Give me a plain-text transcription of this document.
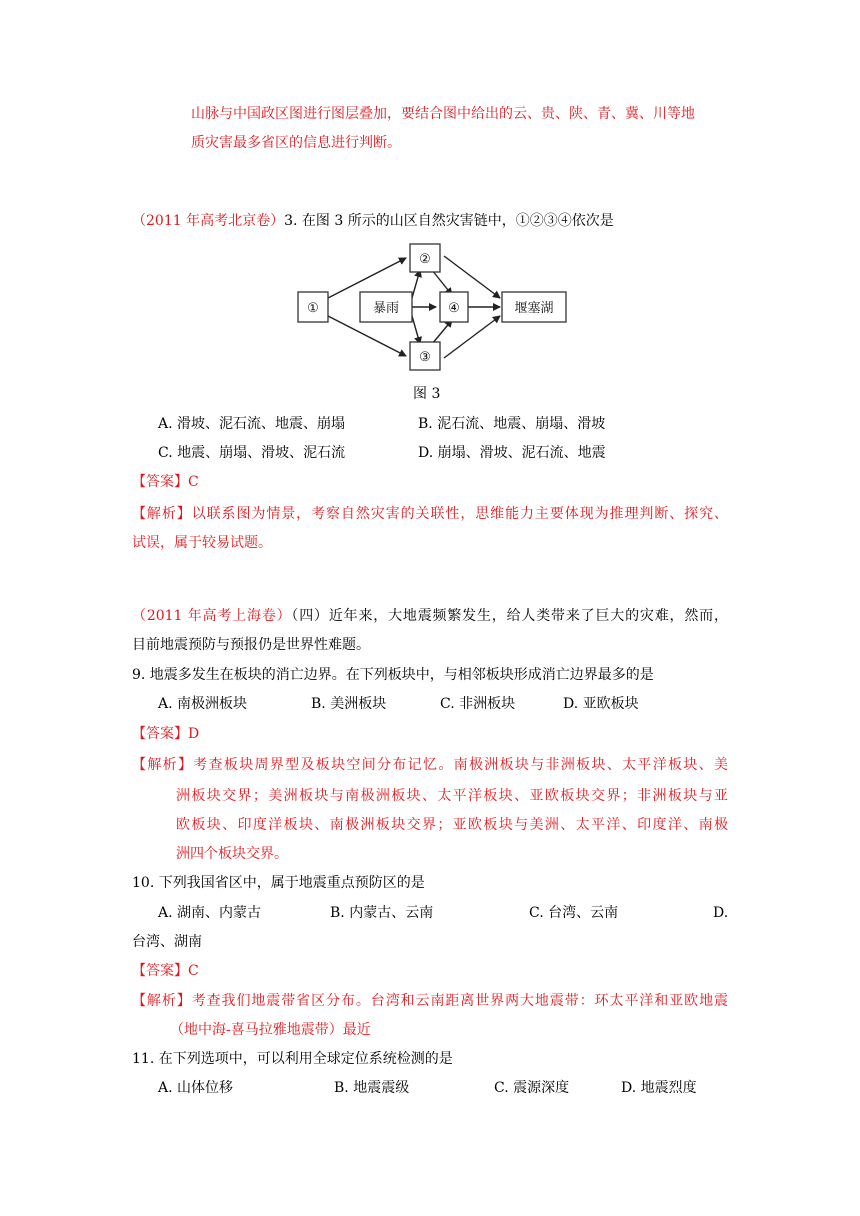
山脉与中国政区图进行图层叠加，要结合图中给出的云、贵、陕、青、冀、川等地
质灾害最多省区的信息进行判断。
（2011 年高考北京卷）3. 在图 3 所示的山区自然灾害链中，①②③④依次是
①	暴雨
②
④
③
堰塞湖
图 3
A. 滑坡、泥石流、地震、崩塌	B. 泥石流、地震、崩塌、滑坡
C. 地震、崩塌、滑坡、泥石流	D. 崩塌、滑坡、泥石流、地震
【答案】C
【解析】以联系图为情景，考察自然灾害的关联性，思维能力主要体现为推理判断、探究、
试误，属于较易试题。
（2011 年高考上海卷）（四）近年来，大地震频繁发生，给人类带来了巨大的灾难，然而，
目前地震预防与预报仍是世界性难题。
9. 地震多发生在板块的消亡边界。在下列板块中，与相邻板块形成消亡边界最多的是
A. 南极洲板块	B. 美洲板块	C. 非洲板块	D. 亚欧板块
【答案】D
【解析】考查板块周界型及板块空间分布记忆。南极洲板块与非洲板块、太平洋板块、美
洲板块交界；美洲板块与南极洲板块、太平洋板块、亚欧板块交界；非洲板块与亚
欧板块、印度洋板块、南极洲板块交界；亚欧板块与美洲、太平洋、印度洋、南极
洲四个板块交界。
10. 下列我国省区中，属于地震重点预防区的是
A. 湖南、内蒙古	B. 内蒙古、云南	C. 台湾、云南	D.
台湾、湖南
【答案】C
【解析】考查我们地震带省区分布。台湾和云南距离世界两大地震带：环太平洋和亚欧地震
（地中海-喜马拉雅地震带）最近
11. 在下列选项中，可以利用全球定位系统检测的是
A. 山体位移	B. 地震震级	C. 震源深度	D. 地震烈度
